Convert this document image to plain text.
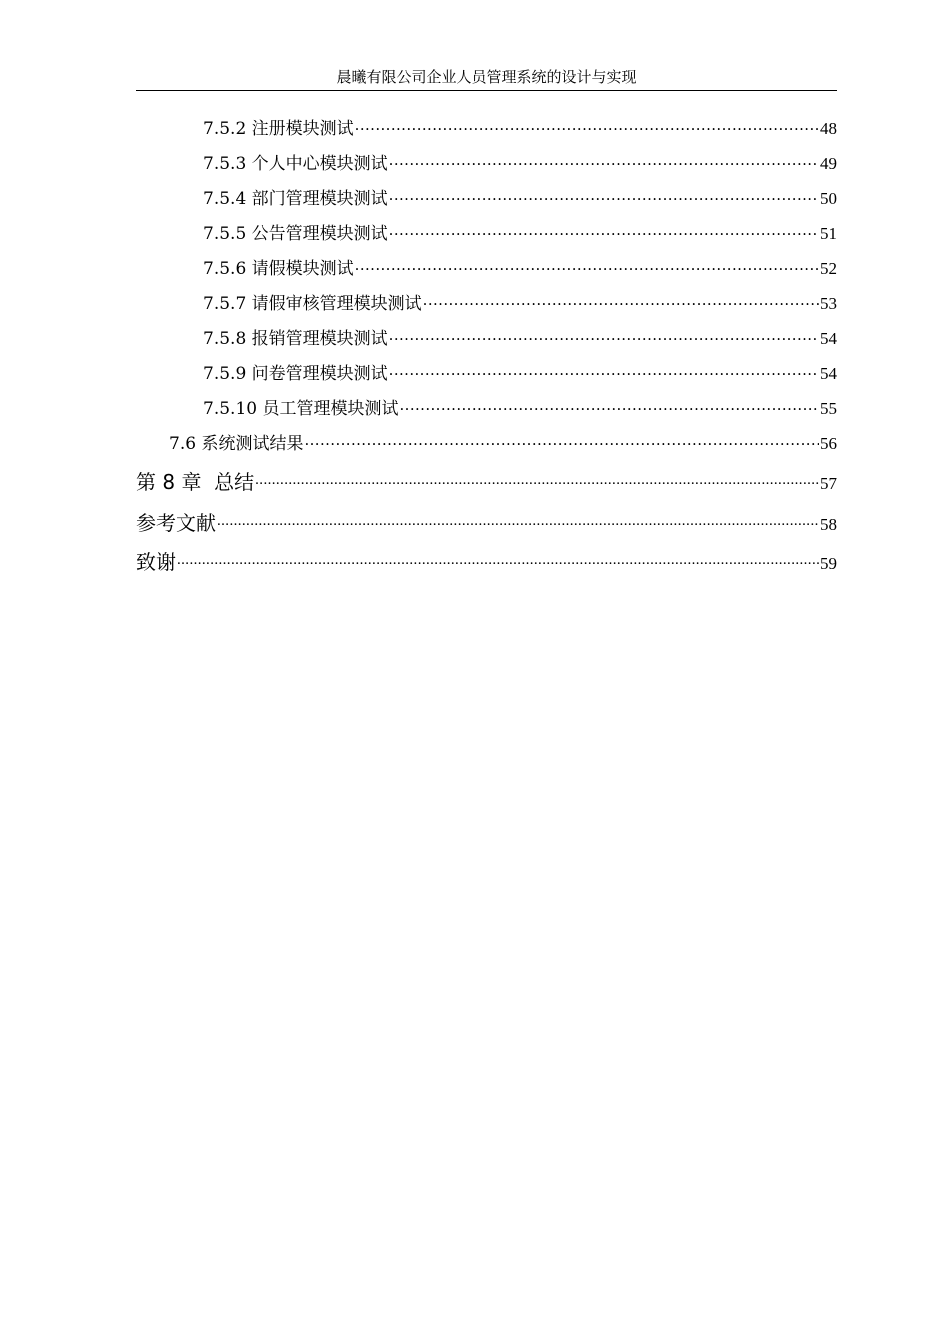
晨曦有限公司企业人员管理系统的设计与实现
7.5.2 注册模块测试 .....	48
7.5.3 个人中心模块测试 .....	49
7.5.4 部门管理模块测试 .....	50
7.5.5 公告管理模块测试 .....	51
7.5.6 请假模块测试 .....	52
7.5.7 请假审核管理模块测试 .....	53
7.5.8 报销管理模块测试 .....	54
7.5.9 问卷管理模块测试 .....	54
7.5.10 员工管理模块测试 .....	55
7.6 系统测试结果 .....	56
第 8 章  总结 .....	57
参考文献 .....	58
致谢 .....	59
